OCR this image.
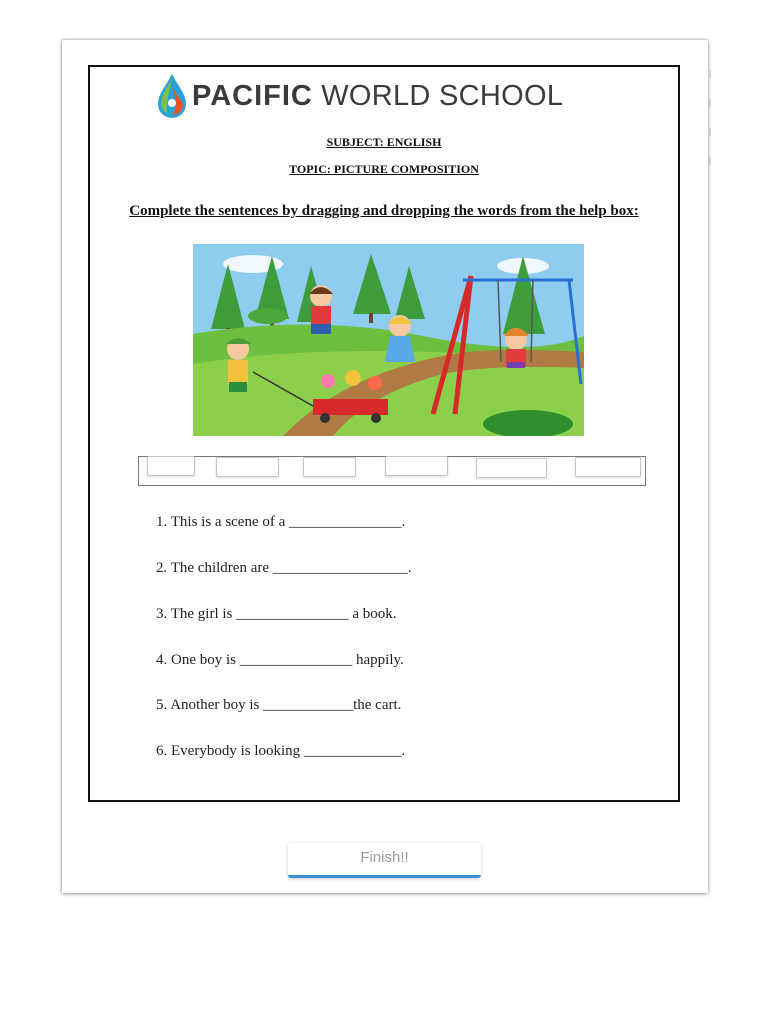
PACIFIC WORLD SCHOOL
SUBJECT: ENGLISH
TOPIC: PICTURE COMPOSITION
Complete the sentences by dragging and dropping the words from the help box:
1. This is a scene of a _______________.
2. The children are __________________.
3. The girl is _______________ a book.
4. One boy is _______________ happily.
5. Another boy is ____________the cart.
6. Everybody is looking _____________.
Finish!!
